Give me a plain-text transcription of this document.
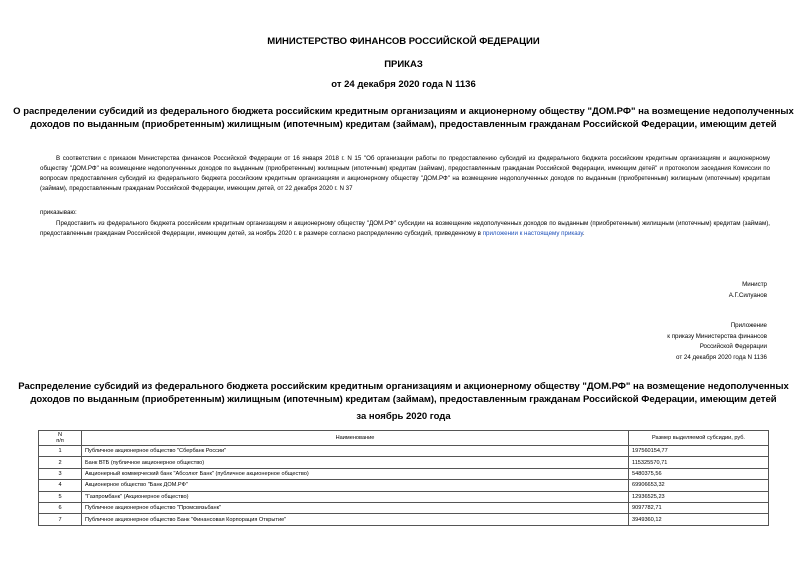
МИНИСТЕРСТВО ФИНАНСОВ РОССИЙСКОЙ ФЕДЕРАЦИИ
ПРИКАЗ
от 24 декабря 2020 года N 1136
О распределении субсидий из федерального бюджета российским кредитным организациям и акционерному обществу "ДОМ.РФ" на возмещение недополученных
доходов по выданным (приобретенным) жилищным (ипотечным) кредитам (займам), предоставленным гражданам Российской Федерации, имеющим детей
В соответствии с приказом Министерства финансов Российской Федерации от 16 января 2018 г. N 15 "Об организации работы по предоставлению субсидий из федерального бюджета российским кредитным организациям и акционерному обществу "ДОМ.РФ" на возмещение недополученных доходов по выданным (приобретенным) жилищным (ипотечным) кредитам (займам), предоставленным гражданам Российской Федерации, имеющим детей" и протоколом заседания Комиссии по вопросам предоставления субсидий из федерального бюджета российским кредитным организациям и акционерному обществу "ДОМ.РФ" на возмещение недополученных доходов по выданным (приобретенным) жилищным (ипотечным) кредитам (займам), предоставленным гражданам Российской Федерации, имеющим детей, от 22 декабря 2020 г. N 37
приказываю:
Предоставить из федерального бюджета российским кредитным организациям и акционерному обществу "ДОМ.РФ" субсидии на возмещение недополученных доходов по выданным (приобретенным) жилищным (ипотечным) кредитам (займам), предоставленным гражданам Российской Федерации, имеющим детей, за ноябрь 2020 г. в размере согласно распределению субсидий, приведенному в приложении к настоящему приказу.
Министр
А.Г.Силуанов
Приложение
к приказу Министерства финансов
Российской Федерации
от 24 декабря 2020 года N 1136
Распределение субсидий из федерального бюджета российским кредитным организациям и акционерному обществу "ДОМ.РФ" на возмещение недополученных
доходов по выданным (приобретенным) жилищным (ипотечным) кредитам (займам), предоставленным гражданам Российской Федерации, имеющим детей
за ноябрь 2020 года
N
п/п	Наименование	Размер выделяемой субсидии, руб.
1	Публичное акционерное общество "Сбербанк России"	197560154,77
2	Банк ВТБ (публичное акционерное общество)	115325570,71
3	Акционерный коммерческий банк "Абсолют Банк" (публичное акционерное общество)	5480375,56
4	Акционерное общество "Банк ДОМ.РФ"	69906653,32
5	"Газпромбанк" (Акционерное общество)	12936525,23
6	Публичное акционерное общество "Промсвязьбанк"	9097782,71
7	Публичное акционерное общество Банк "Финансовая Корпорация Открытие"	3949360,12
